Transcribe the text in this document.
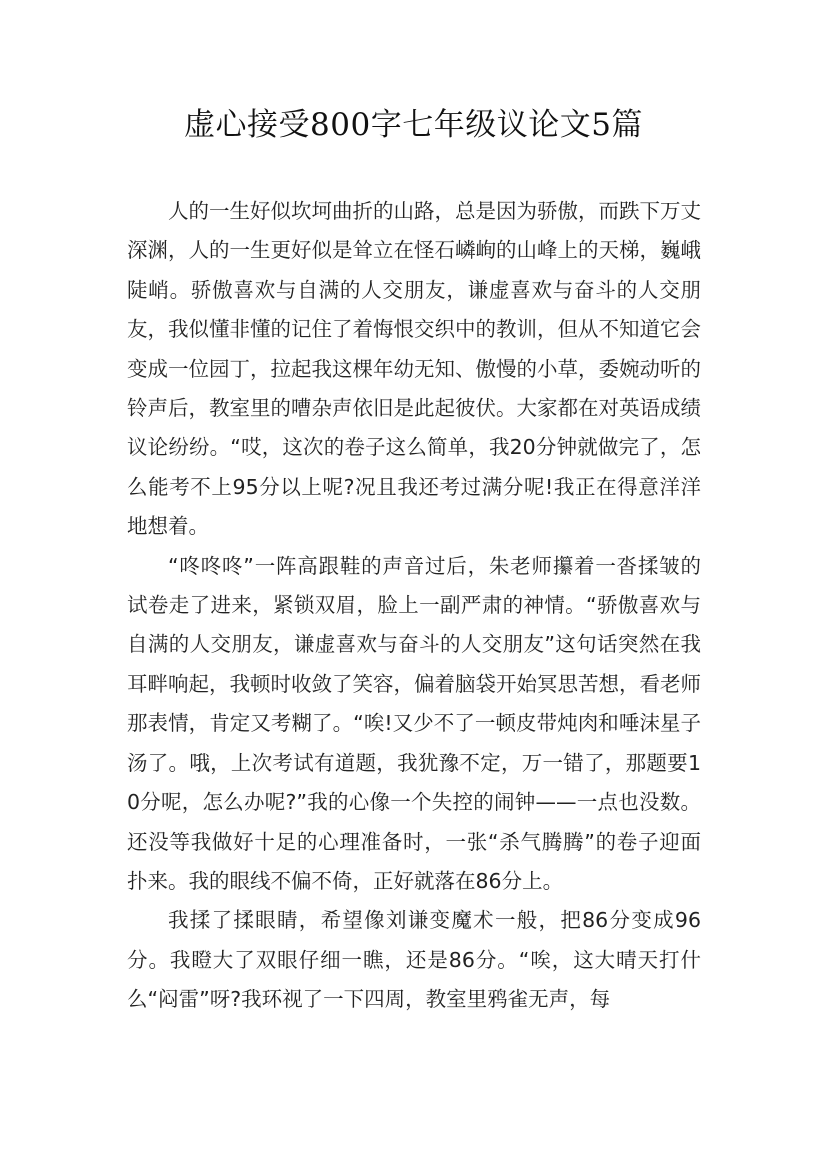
虚心接受800字七年级议论文5篇

人的一生好似坎坷曲折的山路，总是因为骄傲，而跌下万丈深渊，人的一生更好似是耸立在怪石嶙峋的山峰上的天梯，巍峨陡峭。骄傲喜欢与自满的人交朋友，谦虚喜欢与奋斗的人交朋友，我似懂非懂的记住了着悔恨交织中的教训，但从不知道它会变成一位园丁，拉起我这棵年幼无知、傲慢的小草，委婉动听的铃声后，教室里的嘈杂声依旧是此起彼伏。大家都在对英语成绩议论纷纷。“哎，这次的卷子这么简单，我20分钟就做完了，怎么能考不上95分以上呢?况且我还考过满分呢!我正在得意洋洋地想着。

“咚咚咚”一阵高跟鞋的声音过后，朱老师攥着一沓揉皱的试卷走了进来，紧锁双眉，脸上一副严肃的神情。“骄傲喜欢与自满的人交朋友，谦虚喜欢与奋斗的人交朋友”这句话突然在我耳畔响起，我顿时收敛了笑容，偏着脑袋开始冥思苦想，看老师那表情，肯定又考糊了。“唉!又少不了一顿皮带炖肉和唾沫星子汤了。哦，上次考试有道题，我犹豫不定，万一错了，那题要10分呢，怎么办呢?”我的心像一个失控的闹钟——一点也没数。还没等我做好十足的心理准备时，一张“杀气腾腾”的卷子迎面扑来。我的眼线不偏不倚，正好就落在86分上。

我揉了揉眼睛，希望像刘谦变魔术一般，把86分变成96分。我瞪大了双眼仔细一瞧，还是86分。“唉，这大晴天打什么“闷雷”呀?我环视了一下四周，教室里鸦雀无声，每
